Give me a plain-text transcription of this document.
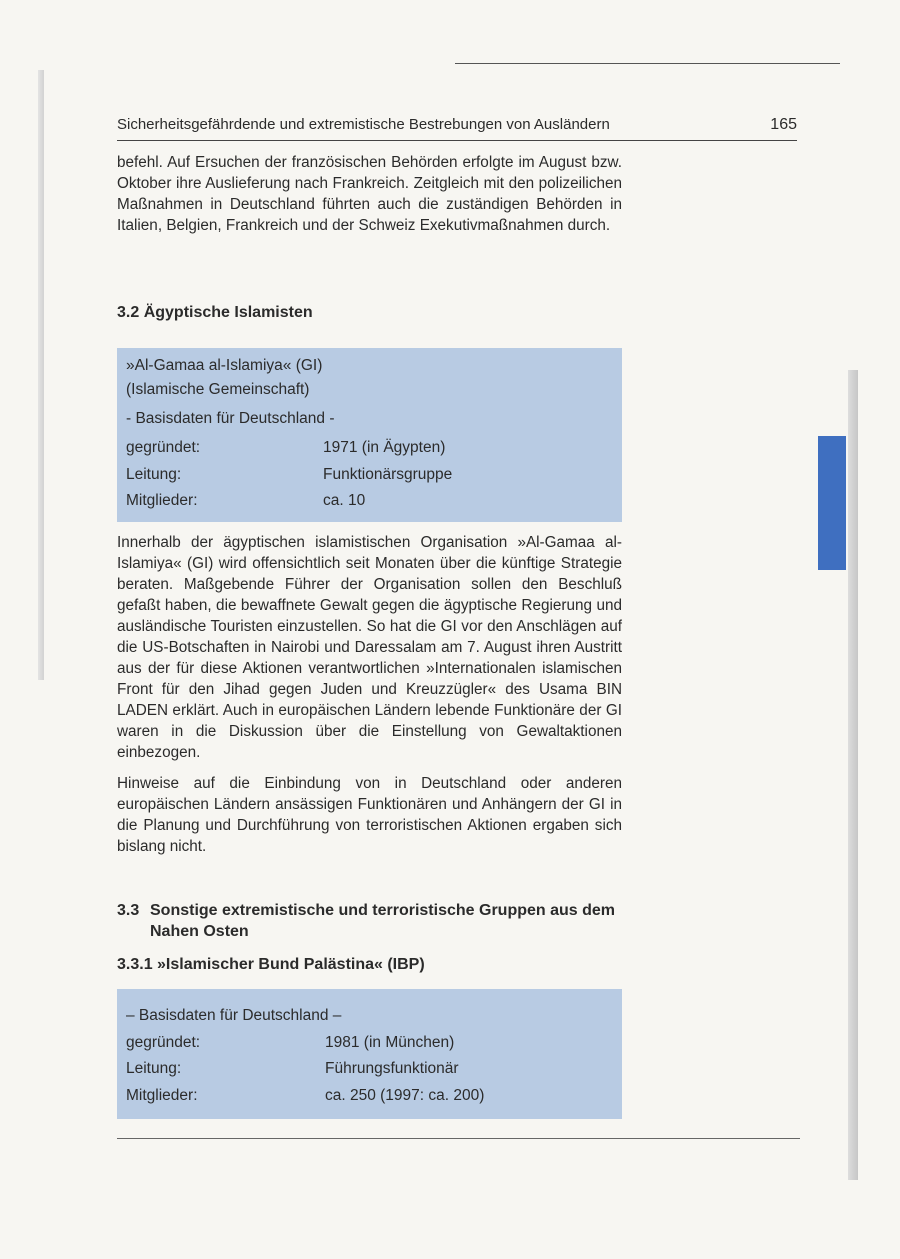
Sicherheitsgefährdende und extremistische Bestrebungen von Ausländern	165
befehl. Auf Ersuchen der französischen Behörden erfolgte im August bzw. Oktober ihre Auslieferung nach Frankreich. Zeitgleich mit den polizeilichen Maßnahmen in Deutschland führten auch die zuständigen Behörden in Italien, Belgien, Frankreich und der Schweiz Exekutivmaßnahmen durch.
3.2 Ägyptische Islamisten
»Al-Gamaa al-Islamiya« (GI)
(Islamische Gemeinschaft)
- Basisdaten für Deutschland -
gegründet:	1971 (in Ägypten)
Leitung:	Funktionärsgruppe
Mitglieder:	ca. 10
Innerhalb der ägyptischen islamistischen Organisation »Al-Gamaa al-Islamiya« (GI) wird offensichtlich seit Monaten über die künftige Strategie beraten. Maßgebende Führer der Organisation sollen den Beschluß gefaßt haben, die bewaffnete Gewalt gegen die ägyptische Regierung und ausländische Touristen einzustellen. So hat die GI vor den Anschlägen auf die US-Botschaften in Nairobi und Daressalam am 7. August ihren Austritt aus der für diese Aktionen verantwortlichen »Internationalen islamischen Front für den Jihad gegen Juden und Kreuzzügler« des Usama BIN LADEN erklärt. Auch in europäischen Ländern lebende Funktionäre der GI waren in die Diskussion über die Einstellung von Gewaltaktionen einbezogen.
Hinweise auf die Einbindung von in Deutschland oder anderen europäischen Ländern ansässigen Funktionären und Anhängern der GI in die Planung und Durchführung von terroristischen Aktionen ergaben sich bislang nicht.
3.3 Sonstige extremistische und terroristische Gruppen aus dem Nahen Osten
3.3.1 »Islamischer Bund Palästina« (IBP)
– Basisdaten für Deutschland –
gegründet:	1981 (in München)
Leitung:	Führungsfunktionär
Mitglieder:	ca. 250 (1997: ca. 200)
